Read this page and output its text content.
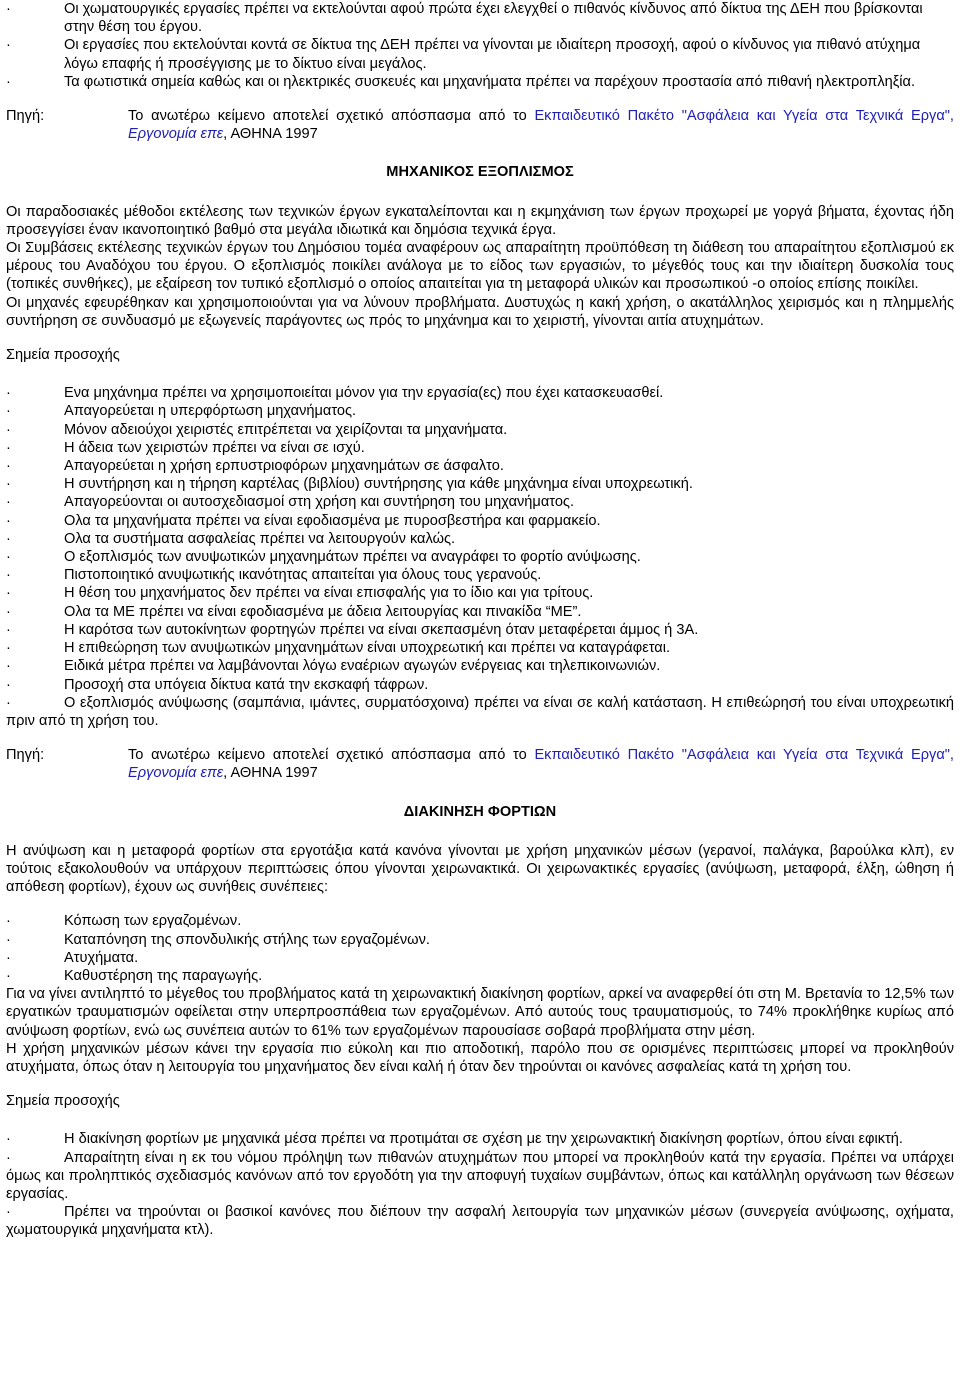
·	Οι χωματουργικές εργασίες πρέπει να εκτελούνται αφού πρώτα έχει ελεγχθεί ο πιθανός κίνδυνος από δίκτυα της ΔΕΗ που βρίσκονται στην θέση του έργου.

·	Οι εργασίες που εκτελούνται κοντά σε δίκτυα της ΔΕΗ πρέπει να γίνονται με ιδιαίτερη προσοχή, αφού ο κίνδυνος για πιθανό ατύχημα λόγω επαφής ή προσέγγισης με το δίκτυο είναι μεγάλος.

·	Τα φωτιστικά σημεία καθώς και οι ηλεκτρικές συσκευές και μηχανήματα πρέπει να παρέχουν προστασία από πιθανή ηλεκτροπληξία.

Πηγή:	Το ανωτέρω κείμενο αποτελεί σχετικό απόσπασμα από το Εκπαιδευτικό Πακέτο "Ασφάλεια και Υγεία στα Τεχνικά Εργα", Εργονομία επε, ΑΘΗΝΑ 1997

ΜΗΧΑΝΙΚΟΣ ΕΞΟΠΛΙΣΜΟΣ

Οι παραδοσιακές μέθοδοι εκτέλεσης των τεχνικών έργων εγκαταλείπονται και η εκμηχάνιση των έργων προχωρεί με γοργά βήματα, έχοντας ήδη προσεγγίσει έναν ικανοποιητικό βαθμό στα μεγάλα ιδιωτικά και δημόσια τεχνικά έργα.

Οι Συμβάσεις εκτέλεσης τεχνικών έργων του Δημόσιου τομέα αναφέρουν ως απαραίτητη προϋπόθεση τη διάθεση του απαραίτητου εξοπλισμού εκ μέρους του Αναδόχου του έργου. Ο εξοπλισμός ποικίλει ανάλογα με το είδος των εργασιών, το μέγεθός τους και την ιδιαίτερη δυσκολία τους (τοπικές συνθήκες), με εξαίρεση τον τυπικό εξοπλισμό ο οποίος απαιτείται για τη μεταφορά υλικών και προσωπικού -ο οποίος επίσης ποικίλει.

Οι μηχανές εφευρέθηκαν και χρησιμοποιούνται για να λύνουν προβλήματα. Δυστυχώς η κακή χρήση, ο ακατάλληλος χειρισμός και η πλημμελής συντήρηση σε συνδυασμό με εξωγενείς παράγοντες ως πρός το μηχάνημα και το χειριστή, γίνονται αιτία ατυχημάτων.

Σημεία προσοχής

·	Ενα μηχάνημα πρέπει να χρησιμοποιείται μόνον για την εργασία(ες) που έχει κατασκευασθεί.

·	Απαγορεύεται η υπερφόρτωση μηχανήματος.

·	Μόνον αδειούχοι χειριστές επιτρέπεται να χειρίζονται τα μηχανήματα.

·	Η άδεια των χειριστών πρέπει να είναι σε ισχύ.

·	Απαγορεύεται η χρήση ερπυστριοφόρων μηχανημάτων σε άσφαλτο.

·	Η συντήρηση και η τήρηση καρτέλας (βιβλίου) συντήρησης για κάθε μηχάνημα είναι υποχρεωτική.

·	Απαγορεύονται οι αυτοσχεδιασμοί στη χρήση και συντήρηση του μηχανήματος.

·	Ολα τα μηχανήματα πρέπει να είναι εφοδιασμένα με πυροσβεστήρα και φαρμακείο.

·	Ολα τα συστήματα ασφαλείας πρέπει να λειτουργούν καλώς.

·	Ο εξοπλισμός των ανυψωτικών μηχανημάτων πρέπει να αναγράφει το φορτίο ανύψωσης.

·	Πιστοποιητικό ανυψωτικής ικανότητας απαιτείται για όλους τους γερανούς.

·	Η θέση του μηχανήματος δεν πρέπει να είναι επισφαλής για το ίδιο και για τρίτους.

·	Ολα τα ΜΕ πρέπει να είναι εφοδιασμένα με άδεια λειτουργίας και πινακίδα “ΜΕ”.

·	Η καρότσα των αυτοκίνητων φορτηγών πρέπει να είναι σκεπασμένη όταν μεταφέρεται άμμος ή 3Α.

·	Η επιθεώρηση των ανυψωτικών μηχανημάτων είναι υποχρεωτική και πρέπει να καταγράφεται.

·	Ειδικά μέτρα πρέπει να λαμβάνονται λόγω εναέριων αγωγών ενέργειας και τηλεπικοινωνιών.

·	Προσοχή στα υπόγεια δίκτυα κατά την εκσκαφή τάφρων.

·	Ο εξοπλισμός ανύψωσης (σαμπάνια, ιμάντες, συρματόσχοινα) πρέπει να είναι σε καλή κατάσταση. Η επιθεώρησή του είναι υποχρεωτική πριν από τη χρήση του.

Πηγή:	Το ανωτέρω κείμενο αποτελεί σχετικό απόσπασμα από το Εκπαιδευτικό Πακέτο "Ασφάλεια και Υγεία στα Τεχνικά Εργα", Εργονομία επε, ΑΘΗΝΑ 1997

ΔΙΑΚΙΝΗΣΗ ΦΟΡΤΙΩΝ

Η ανύψωση και η μεταφορά φορτίων στα εργοτάξια κατά κανόνα γίνονται με χρήση μηχανικών μέσων (γερανοί, παλάγκα, βαρούλκα κλπ), εν τούτοις εξακολουθούν να υπάρχουν περιπτώσεις όπου γίνονται χειρωνακτικά. Οι χειρωνακτικές εργασίες (ανύψωση, μεταφορά, έλξη, ώθηση ή απόθεση φορτίων), έχουν ως συνήθεις συνέπειες:

·	Κόπωση των εργαζομένων.

·	Καταπόνηση της σπονδυλικής στήλης των εργαζομένων.

·	Ατυχήματα.

·	Καθυστέρηση της παραγωγής.

Για να γίνει αντιληπτό το μέγεθος του προβλήματος κατά τη χειρωνακτική διακίνηση φορτίων, αρκεί να αναφερθεί ότι στη Μ. Βρετανία το 12,5% των εργατικών τραυματισμών οφείλεται στην υπερπροσπάθεια των εργαζομένων. Από αυτούς τους τραυματισμούς, το 74% προκλήθηκε κυρίως από ανύψωση φορτίων, ενώ ως συνέπεια αυτών το 61% των εργαζομένων παρουσίασε σοβαρά προβλήματα στην μέση.

Η χρήση μηχανικών μέσων κάνει την εργασία πιο εύκολη και πιο αποδοτική, παρόλο που σε ορισμένες περιπτώσεις μπορεί να προκληθούν ατυχήματα, όπως όταν η λειτουργία του μηχανήματος δεν είναι καλή ή όταν δεν τηρούνται οι κανόνες ασφαλείας κατά τη χρήση του.

Σημεία προσοχής

·	Η διακίνηση φορτίων με μηχανικά μέσα πρέπει να προτιμάται σε σχέση με την χειρωνακτική διακίνηση φορτίων, όπου είναι εφικτή.

·	Απαραίτητη είναι η εκ του νόμου πρόληψη των πιθανών ατυχημάτων που μπορεί να προκληθούν κατά την εργασία. Πρέπει να υπάρχει όμως και προληπτικός σχεδιασμός κανόνων από τον εργοδότη για την αποφυγή τυχαίων συμβάντων, όπως και κατάλληλη οργάνωση των θέσεων εργασίας.

·	Πρέπει να τηρούνται οι βασικοί κανόνες που διέπουν την ασφαλή λειτουργία των μηχανικών μέσων (συνεργεία ανύψωσης, οχήματα, χωματουργικά μηχανήματα κτλ).
